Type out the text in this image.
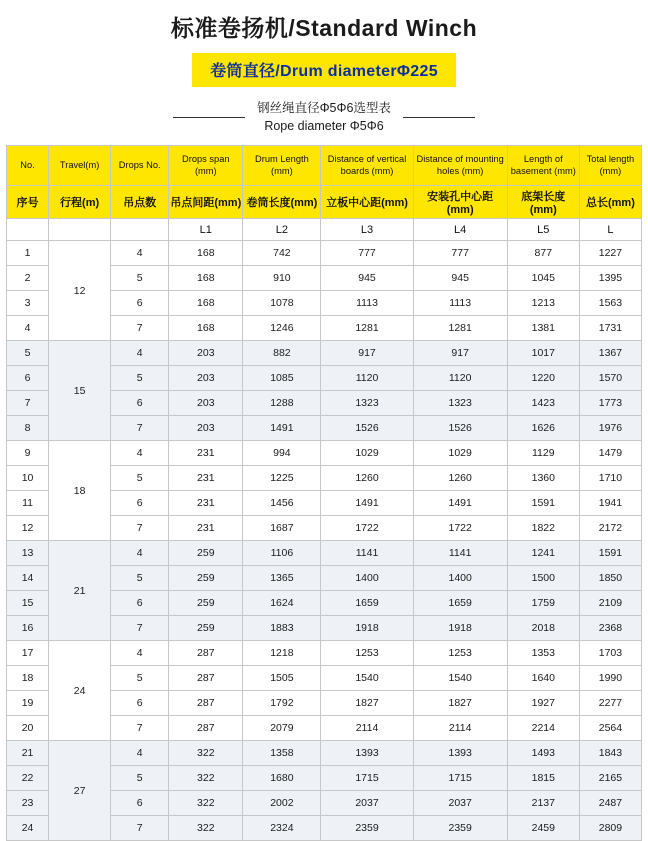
标准卷扬机/Standard Winch
卷筒直径/Drum diameterΦ225
钢丝绳直径Φ5Φ6选型表
Rope diameter Φ5Φ6
No.	Travel(m)	Drops No.	Drops span (mm)	Drum Length (mm)	Distance of vertical boards (mm)	Distance of mounting holes (mm)	Length of basement (mm)	Total length (mm)
序号	行程(m)	吊点数	吊点间距(mm)	卷筒长度(mm)	立板中心距(mm)	安装孔中心距(mm)	底架长度(mm)	总长(mm)
			L1	L2	L3	L4	L5	L
1	12	4	168	742	777	777	877	1227
2		5	168	910	945	945	1045	1395
3		6	168	1078	1113	1113	1213	1563
4		7	168	1246	1281	1281	1381	1731
5	15	4	203	882	917	917	1017	1367
6		5	203	1085	1120	1120	1220	1570
7		6	203	1288	1323	1323	1423	1773
8		7	203	1491	1526	1526	1626	1976
9	18	4	231	994	1029	1029	1129	1479
10		5	231	1225	1260	1260	1360	1710
11		6	231	1456	1491	1491	1591	1941
12		7	231	1687	1722	1722	1822	2172
13	21	4	259	1106	1141	1141	1241	1591
14		5	259	1365	1400	1400	1500	1850
15		6	259	1624	1659	1659	1759	2109
16		7	259	1883	1918	1918	2018	2368
17	24	4	287	1218	1253	1253	1353	1703
18		5	287	1505	1540	1540	1640	1990
19		6	287	1792	1827	1827	1927	2277
20		7	287	2079	2114	2114	2214	2564
21	27	4	322	1358	1393	1393	1493	1843
22		5	322	1680	1715	1715	1815	2165
23		6	322	2002	2037	2037	2137	2487
24		7	322	2324	2359	2359	2459	2809
